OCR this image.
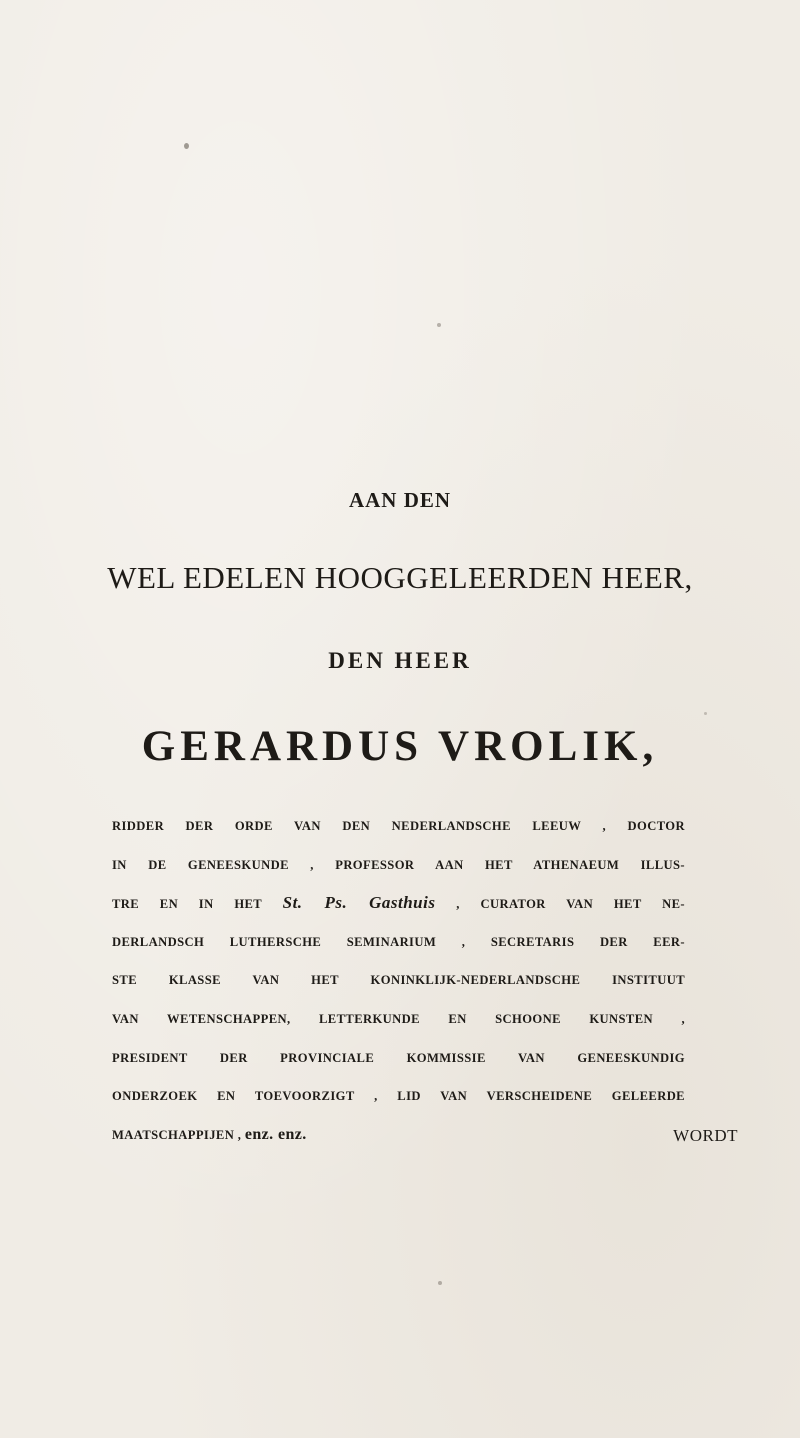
AAN DEN
WEL EDELEN HOOGGELEERDEN HEER,
DEN HEER
GERARDUS VROLIK,
RIDDER DER ORDE VAN DEN NEDERLANDSCHE LEEUW , DOCTOR
IN DE GENEESKUNDE , PROFESSOR AAN HET ATHENAEUM ILLUS-
TRE EN IN HET St. Ps. Gasthuis , CURATOR VAN HET NE-
DERLANDSCH LUTHERSCHE SEMINARIUM , SECRETARIS DER EER-
STE KLASSE VAN HET KONINKLIJK-NEDERLANDSCHE INSTITUUT
VAN WETENSCHAPPEN, LETTERKUNDE EN SCHOONE KUNSTEN ,
PRESIDENT DER PROVINCIALE KOMMISSIE VAN GENEESKUNDIG
ONDERZOEK EN TOEVOORZIGT , LID VAN VERSCHEIDENE GELEERDE
MAATSCHAPPIJEN , enz. enz.	WORDT
